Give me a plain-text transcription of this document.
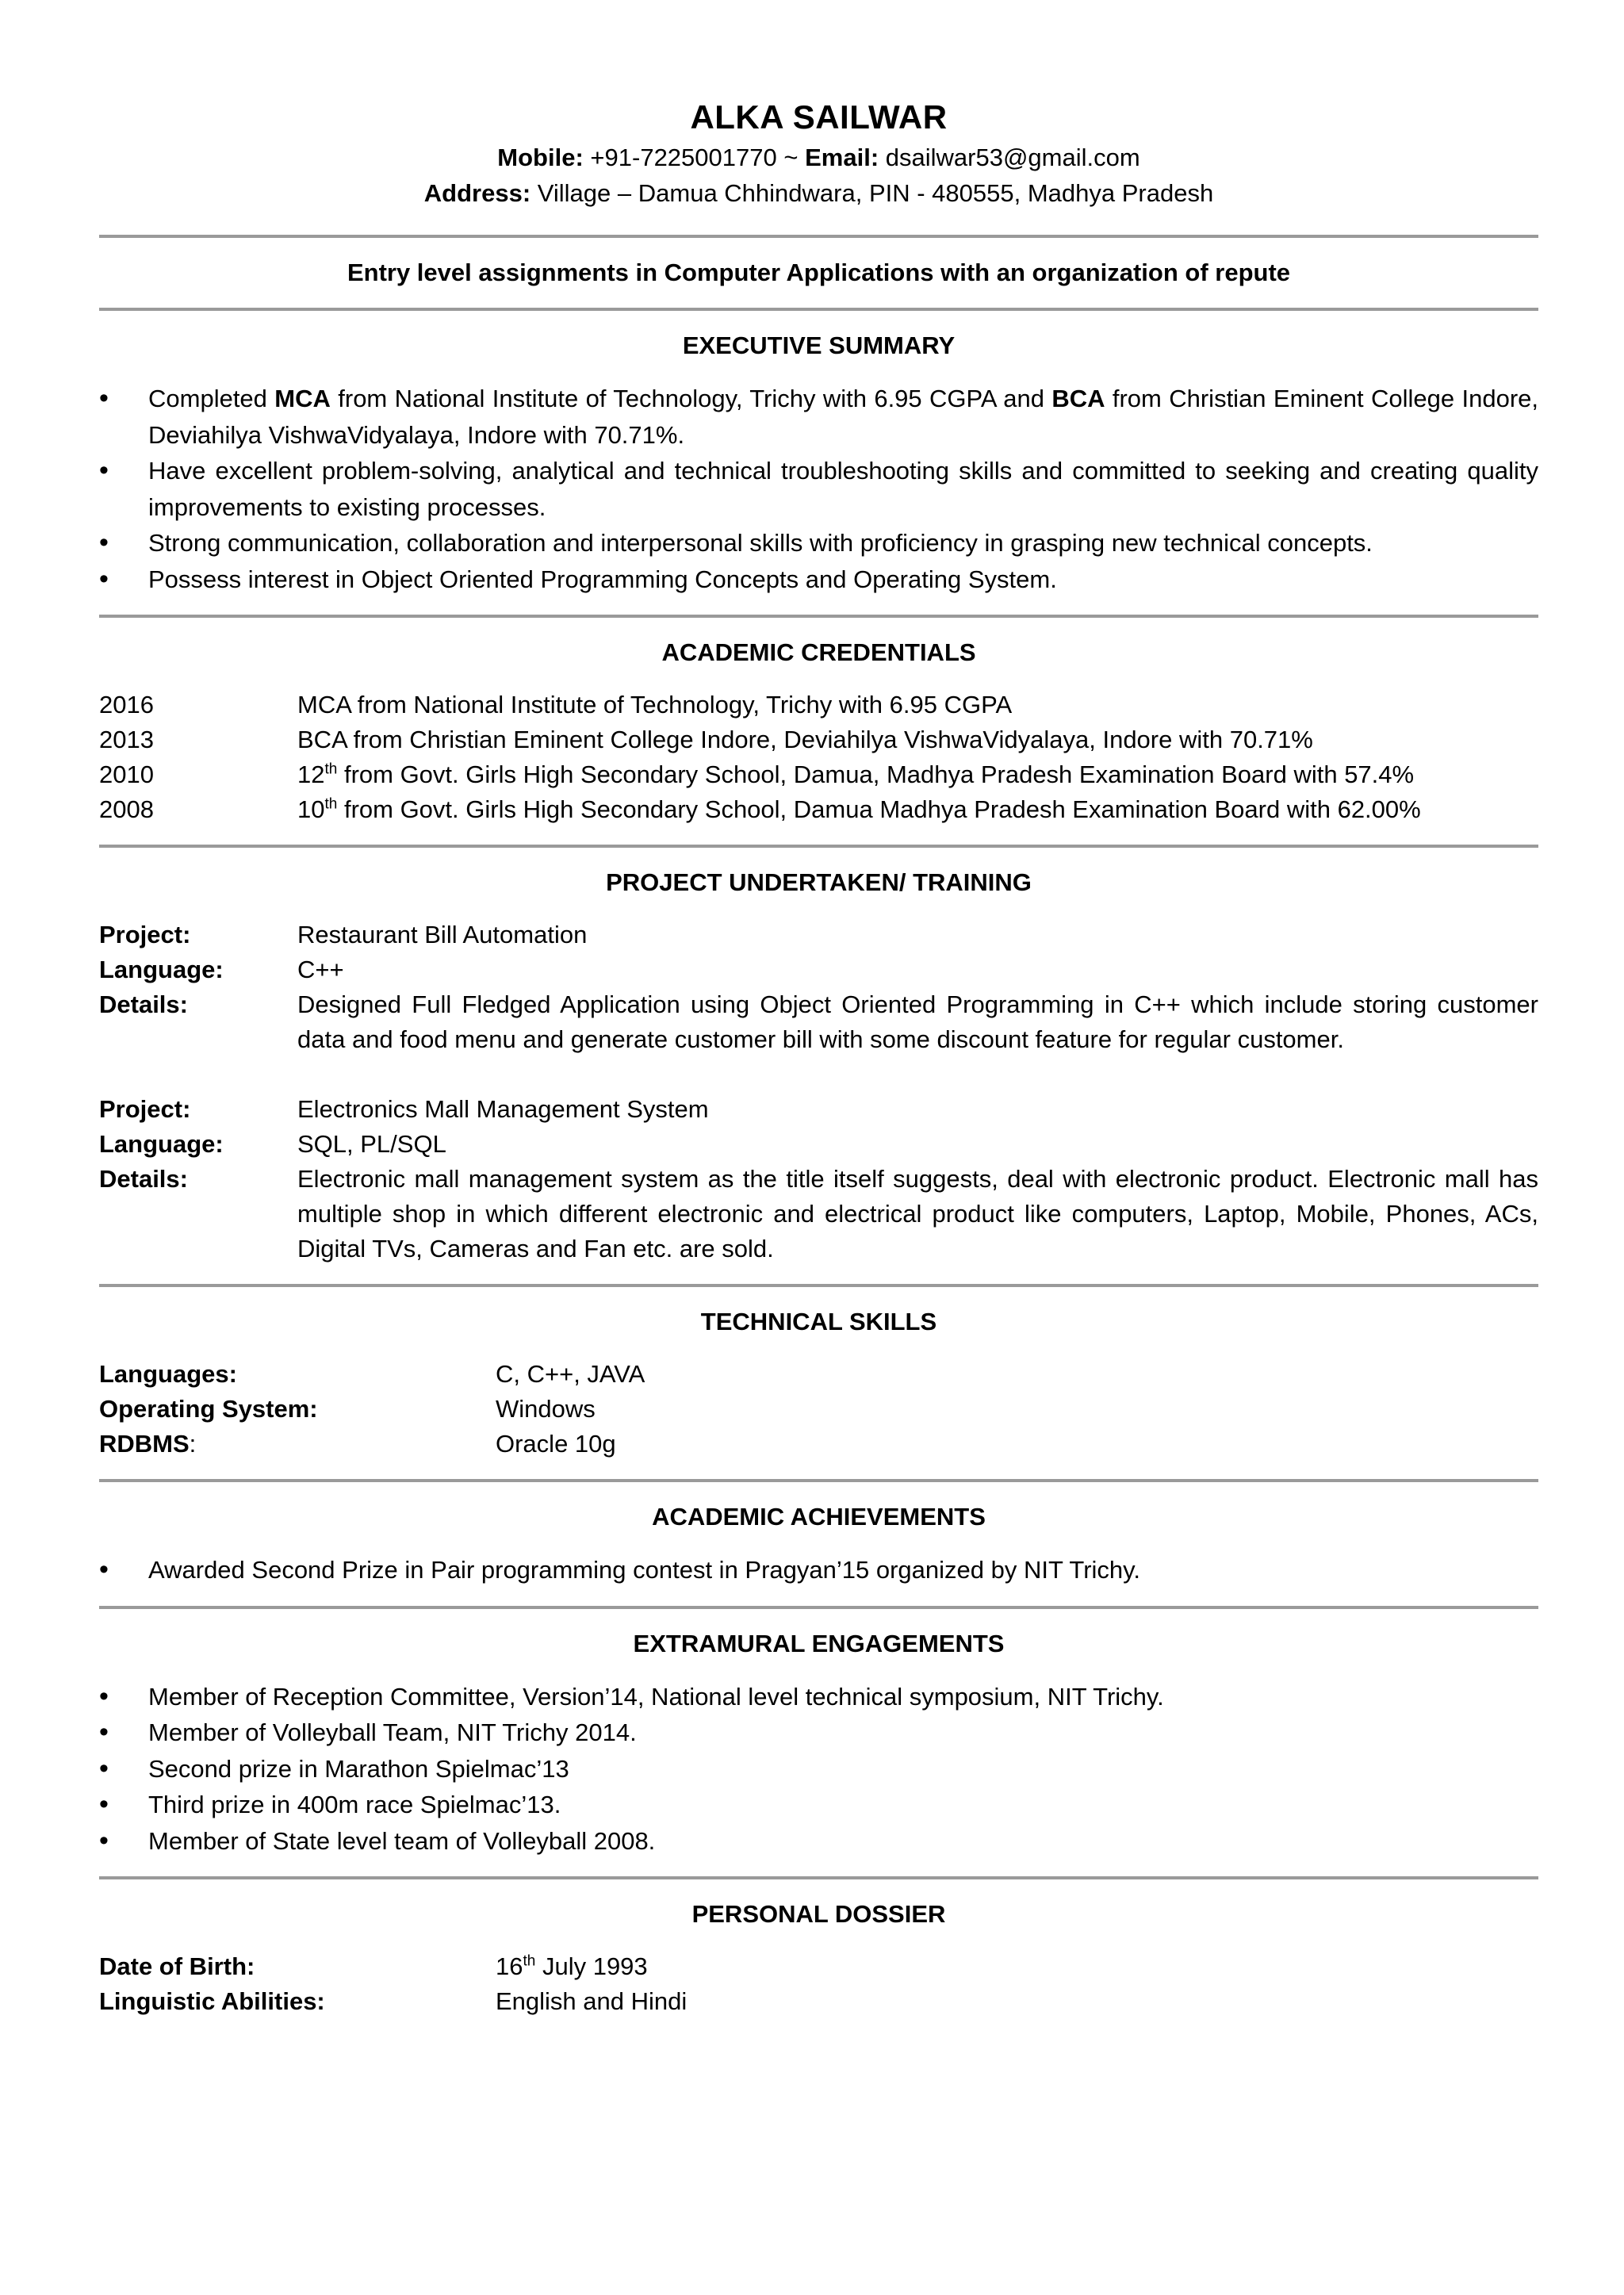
ALKA SAILWAR
Mobile: +91-7225001770 ~ Email: dsailwar53@gmail.com
Address: Village – Damua Chhindwara, PIN - 480555, Madhya Pradesh
Entry level assignments in Computer Applications with an organization of repute
EXECUTIVE SUMMARY
• Completed MCA from National Institute of Technology, Trichy with 6.95 CGPA and BCA from Christian Eminent College Indore, Deviahilya VishwaVidyalaya, Indore with 70.71%.
• Have excellent problem-solving, analytical and technical troubleshooting skills and committed to seeking and creating quality improvements to existing processes.
• Strong communication, collaboration and interpersonal skills with proficiency in grasping new technical concepts.
• Possess interest in Object Oriented Programming Concepts and Operating System.
ACADEMIC CREDENTIALS
2016	MCA from National Institute of Technology, Trichy with 6.95 CGPA
2013	BCA from Christian Eminent College Indore, Deviahilya VishwaVidyalaya, Indore with 70.71%
2010	12th from Govt. Girls High Secondary School, Damua, Madhya Pradesh Examination Board with 57.4%
2008	10th from Govt. Girls High Secondary School, Damua Madhya Pradesh Examination Board with 62.00%
PROJECT UNDERTAKEN/ TRAINING
Project:	Restaurant Bill Automation
Language:	C++
Details:	Designed Full Fledged Application using Object Oriented Programming in C++ which include storing customer data and food menu and generate customer bill with some discount feature for regular customer.
Project:	Electronics Mall Management System
Language:	SQL, PL/SQL
Details:	Electronic mall management system as the title itself suggests, deal with electronic product. Electronic mall has multiple shop in which different electronic and electrical product like computers, Laptop, Mobile, Phones, ACs, Digital TVs, Cameras and Fan etc. are sold.
TECHNICAL SKILLS
Languages:	C, C++, JAVA
Operating System:	Windows
RDBMS:	Oracle 10g
ACADEMIC ACHIEVEMENTS
• Awarded Second Prize in Pair programming contest in Pragyan’15 organized by NIT Trichy.
EXTRAMURAL ENGAGEMENTS
• Member of Reception Committee, Version’14, National level technical symposium, NIT Trichy.
• Member of Volleyball Team, NIT Trichy 2014.
• Second prize in Marathon Spielmac’13
• Third prize in 400m race Spielmac’13.
• Member of State level team of Volleyball 2008.
PERSONAL DOSSIER
Date of Birth:	16th July 1993
Linguistic Abilities:	English and Hindi
